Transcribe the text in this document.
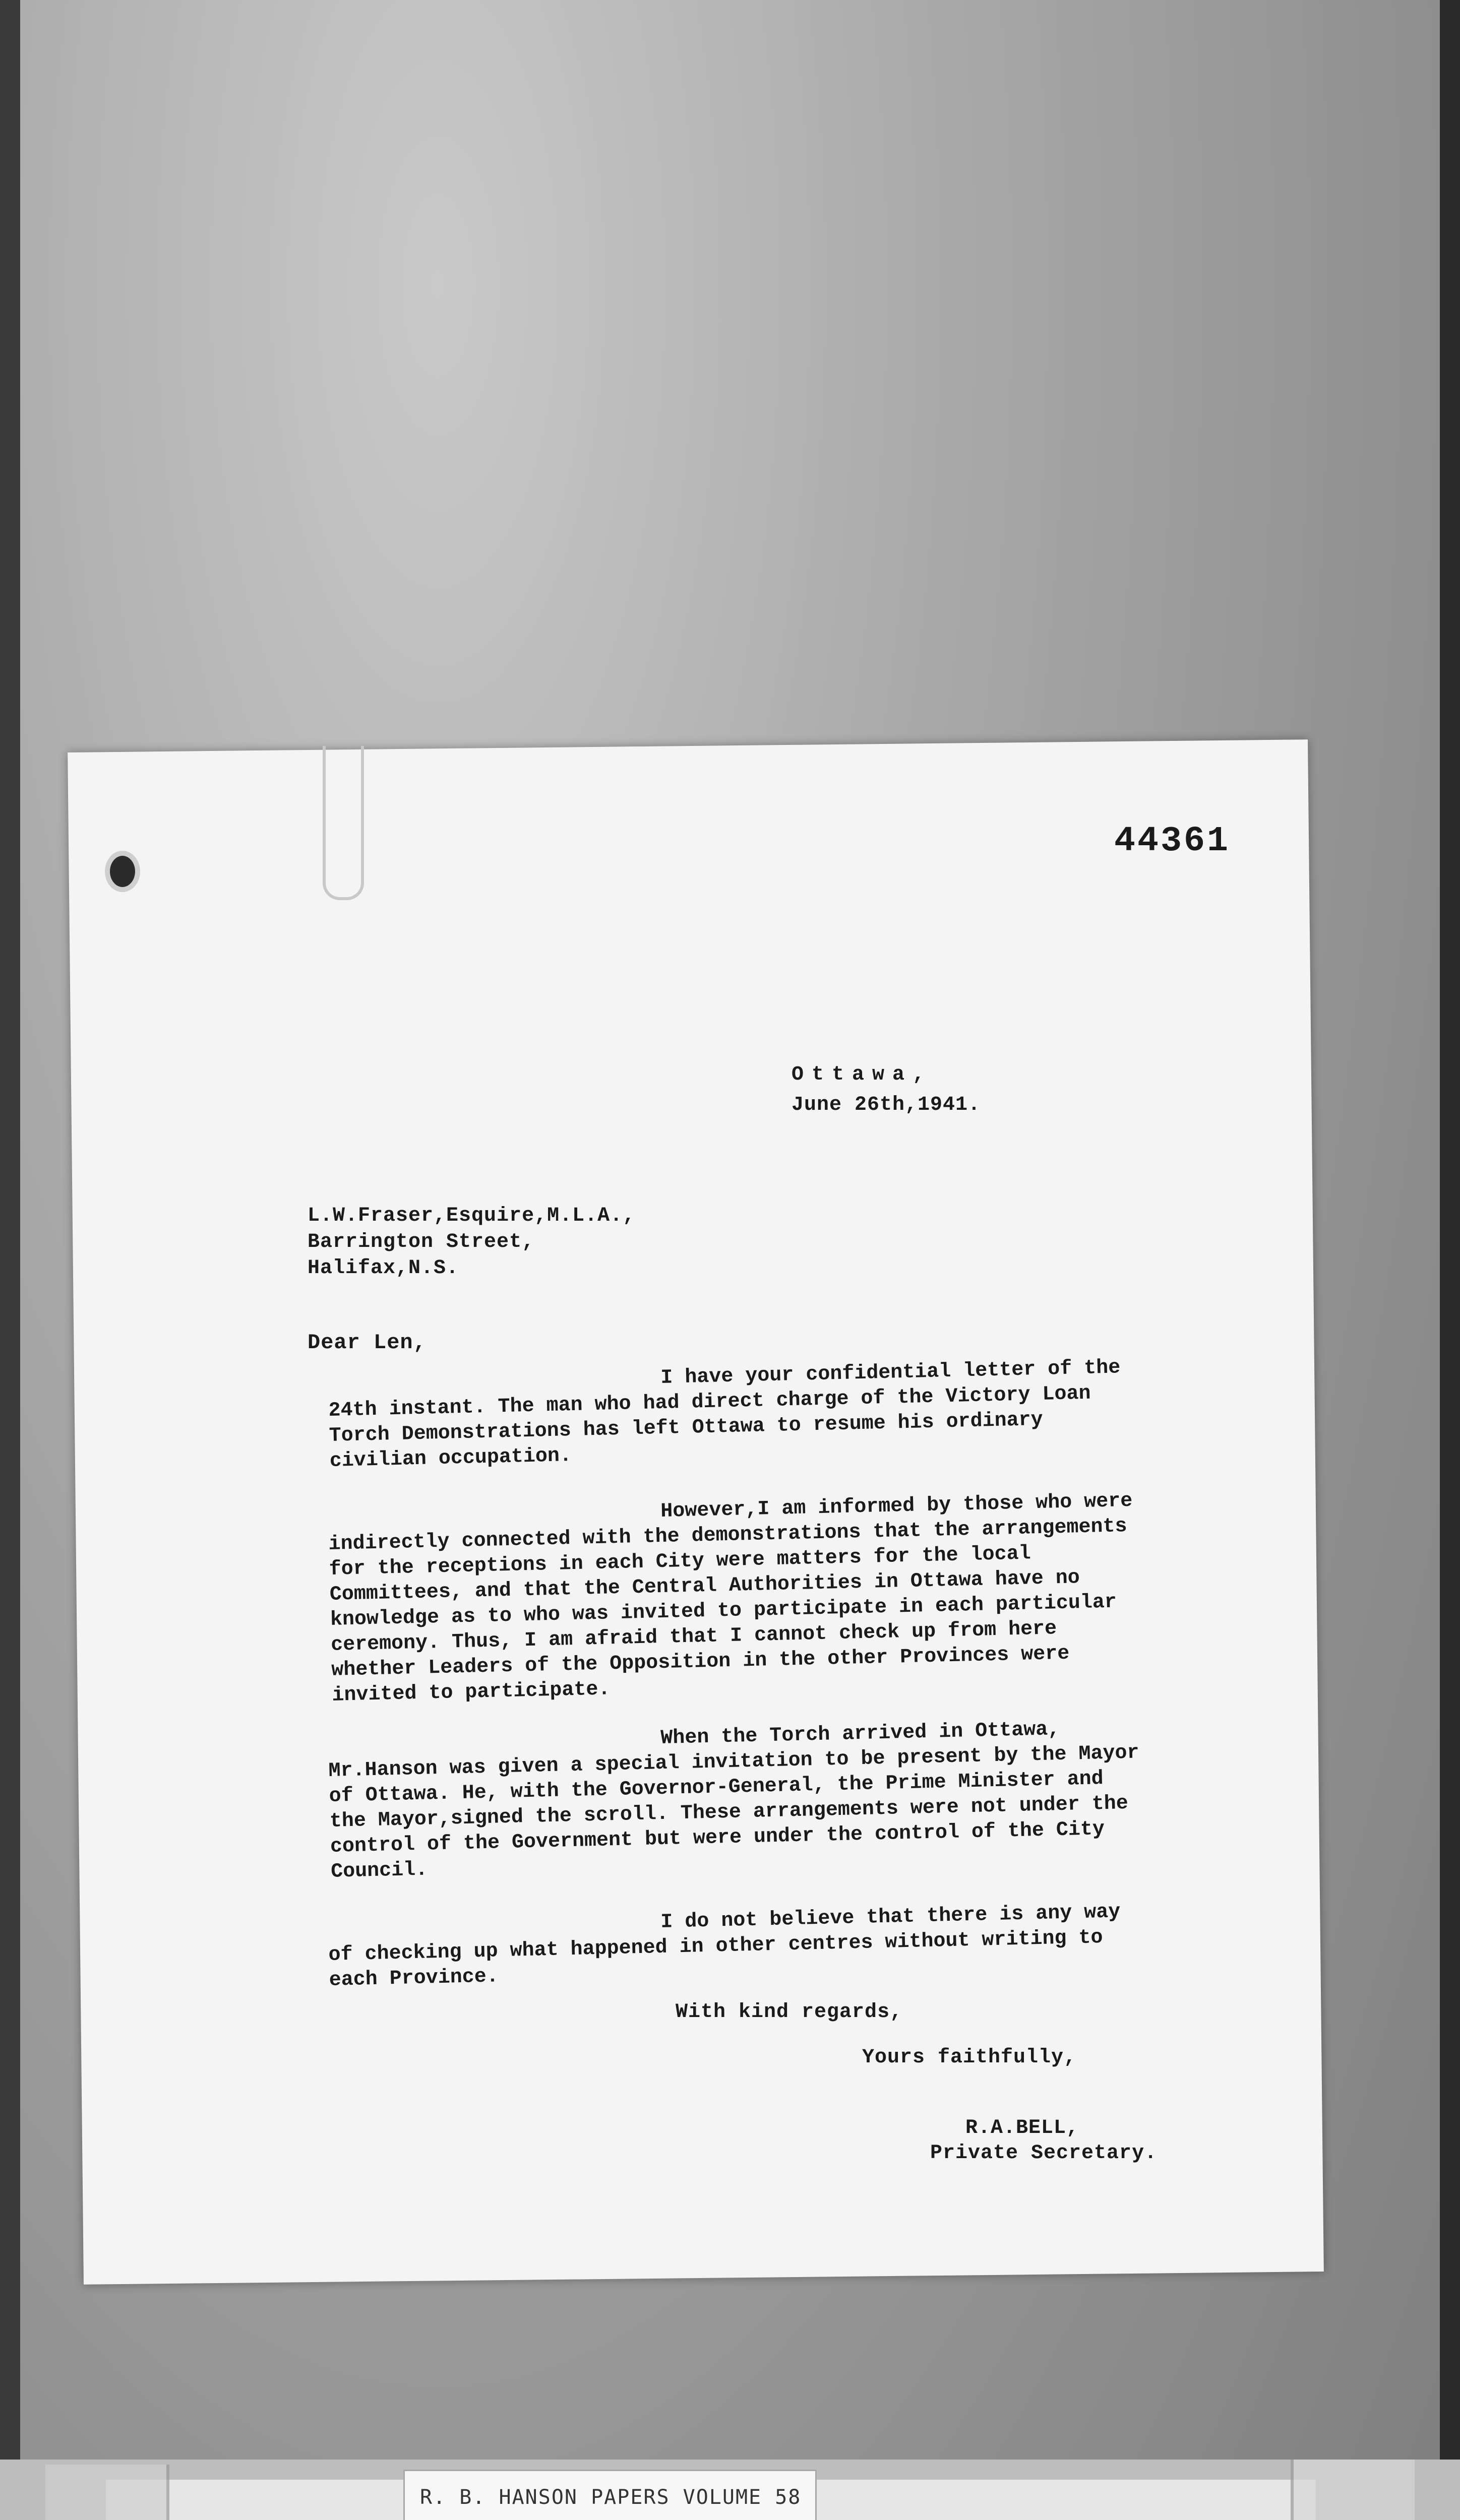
44361
Ottawa,
June 26th,1941.
L.W.Fraser,Esquire,M.L.A.,
Barrington Street,
Halifax,N.S.
Dear Len,
I have your confidential letter of the 24th instant. The man who had direct charge of the Victory Loan Torch Demonstrations has left Ottawa to resume his ordinary civilian occupation.
However,I am informed by those who were indirectly connected with the demonstrations that the arrangements for the receptions in each City were matters for the local Committees, and that the Central Authorities in Ottawa have no knowledge as to who was invited to participate in each particular ceremony. Thus, I am afraid that I cannot check up from here whether Leaders of the Opposition in the other Provinces were invited to participate.
When the Torch arrived in Ottawa, Mr.Hanson was given a special invitation to be present by the Mayor of Ottawa. He, with the Governor-General, the Prime Minister and the Mayor,signed the scroll. These arrangements were not under the control of the Government but were under the control of the City Council.
I do not believe that there is any way of checking up what happened in other centres without writing to each Province.
With kind regards,
Yours faithfully,
R.A.BELL,
Private Secretary.
R. B. HANSON PAPERS VOLUME 58
